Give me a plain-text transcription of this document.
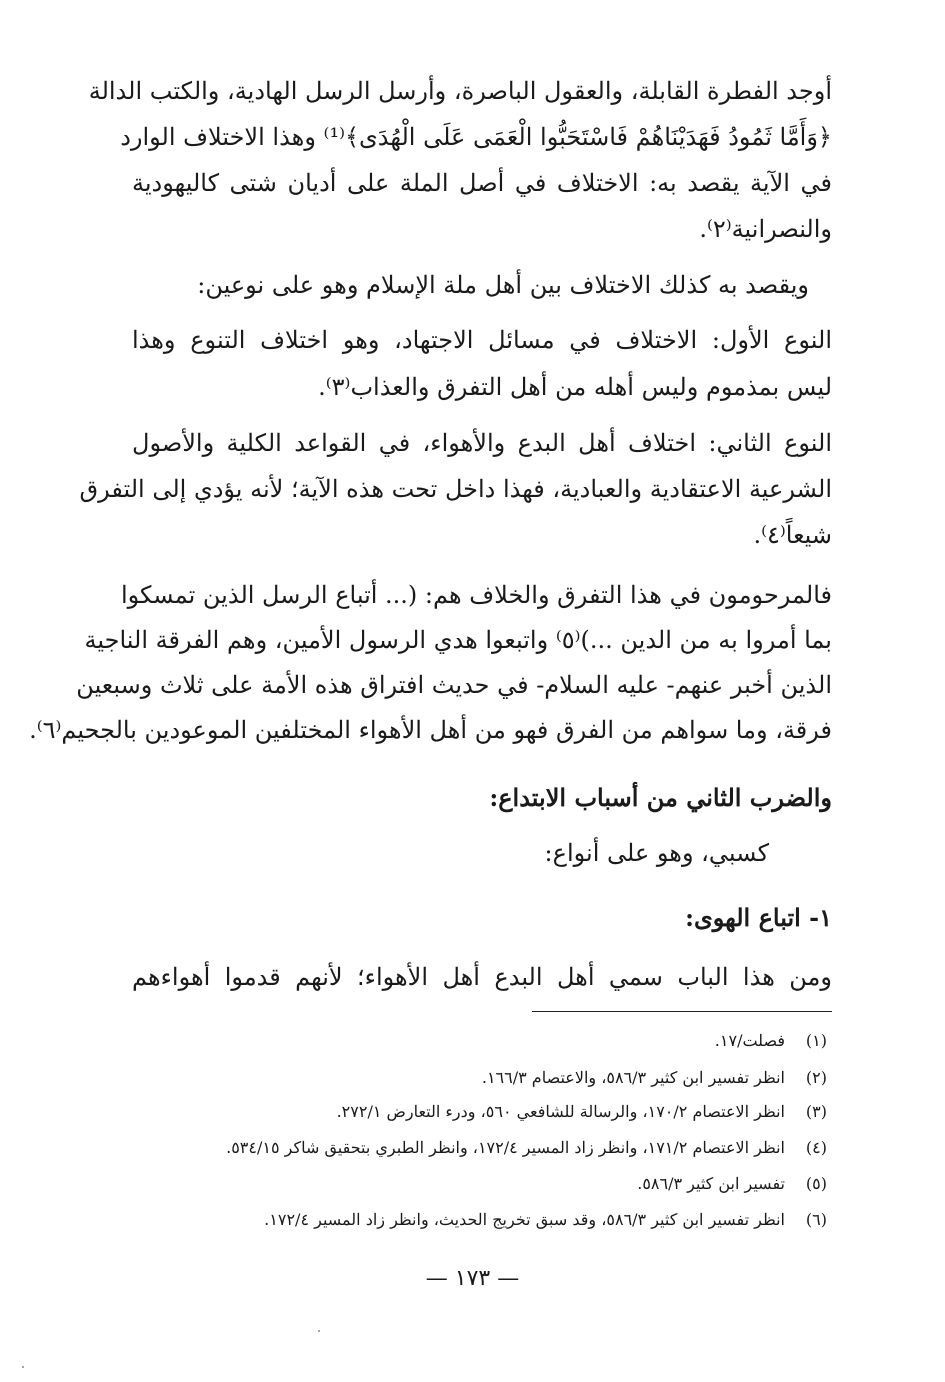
أوجد الفطرة القابلة، والعقول الباصرة، وأرسل الرسل الهادية، والكتب الدالة
﴿وَأَمَّا ثَمُودُ فَهَدَيْنَاهُمْ فَاسْتَحَبُّوا الْعَمَى عَلَى الْهُدَى﴾⁽¹⁾ وهذا الاختلاف الوارد
في الآية يقصد به: الاختلاف في أصل الملة على أديان شتى كاليهودية
والنصرانية⁽٢⁾.
ويقصد به كذلك الاختلاف بين أهل ملة الإسلام وهو على نوعين:
النوع الأول: الاختلاف في مسائل الاجتهاد، وهو اختلاف التنوع وهذا
ليس بمذموم وليس أهله من أهل التفرق والعذاب⁽٣⁾.
النوع الثاني: اختلاف أهل البدع والأهواء، في القواعد الكلية والأصول
الشرعية الاعتقادية والعبادية، فهذا داخل تحت هذه الآية؛ لأنه يؤدي إلى التفرق
شيعاً⁽٤⁾.
فالمرحومون في هذا التفرق والخلاف هم: (... أتباع الرسل الذين تمسكوا
بما أمروا به من الدين ...)⁽٥⁾ واتبعوا هدي الرسول الأمين، وهم الفرقة الناجية
الذين أخبر عنهم- عليه السلام- في حديث افتراق هذه الأمة على ثلاث وسبعين
فرقة، وما سواهم من الفرق فهو من أهل الأهواء المختلفين الموعودين بالجحيم⁽٦⁾.
والضرب الثاني من أسباب الابتداع:
كسبي، وهو على أنواع:
١- اتباع الهوى:
ومن هذا الباب سمي أهل البدع أهل الأهواء؛ لأنهم قدموا أهواءهم
(١)فصلت/١٧.
(٢)انظر تفسير ابن كثير ٥٨٦/٣، والاعتصام ١٦٦/٣.
(٣)انظر الاعتصام ١٧٠/٢، والرسالة للشافعي ٥٦٠، ودرء التعارض ٢٧٢/١.
(٤)انظر الاعتصام ١٧١/٢، وانظر زاد المسير ١٧٢/٤، وانظر الطبري بتحقيق شاكر ٥٣٤/١٥.
(٥)تفسير ابن كثير ٥٨٦/٣.
(٦)انظر تفسير ابن كثير ٥٨٦/٣، وقد سبق تخريج الحديث، وانظر زاد المسير ١٧٢/٤.
— ١٧٣ —
